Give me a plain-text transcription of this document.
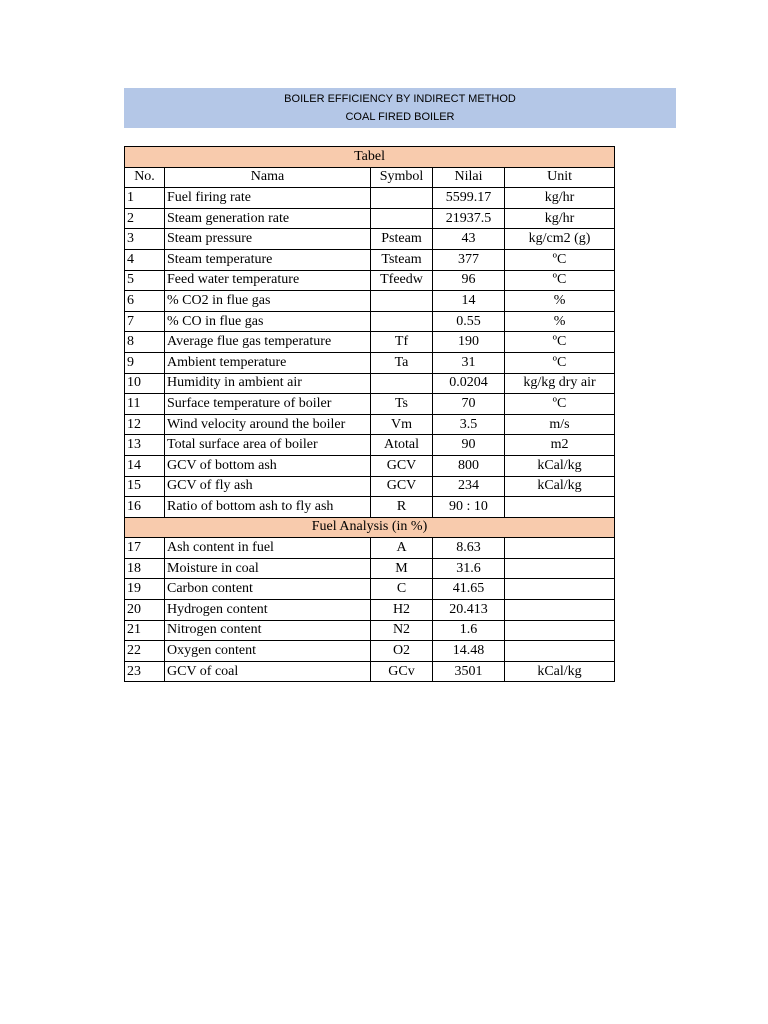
BOILER EFFICIENCY BY INDIRECT METHOD
COAL FIRED BOILER
Tabel				
No.	Nama	Symbol	Nilai	Unit
1	Fuel firing rate		5599.17	kg/hr
2	Steam generation rate		21937.5	kg/hr
3	Steam pressure	Psteam	43	kg/cm2 (g)
4	Steam temperature	Tsteam	377	ºC
5	Feed water temperature	Tfeedw	96	ºC
6	% CO2 in flue gas		14	%
7	% CO in flue gas		0.55	%
8	Average flue gas temperature	Tf	190	ºC
9	Ambient temperature	Ta	31	ºC
10	Humidity in ambient air		0.0204	kg/kg dry air
11	Surface temperature of boiler	Ts	70	ºC
12	Wind velocity around the boiler	Vm	3.5	m/s
13	Total surface area of boiler	Atotal	90	m2
14	GCV of bottom ash	GCV	800	kCal/kg
15	GCV of fly ash	GCV	234	kCal/kg
16	Ratio of bottom ash to fly ash	R	90 : 10	
Fuel Analysis (in %)				
17	Ash content in fuel	A	8.63	
18	Moisture in coal	M	31.6	
19	Carbon content	C	41.65	
20	Hydrogen content	H2	20.413	
21	Nitrogen content	N2	1.6	
22	Oxygen content	O2	14.48	
23	GCV of coal	GCv	3501	kCal/kg
